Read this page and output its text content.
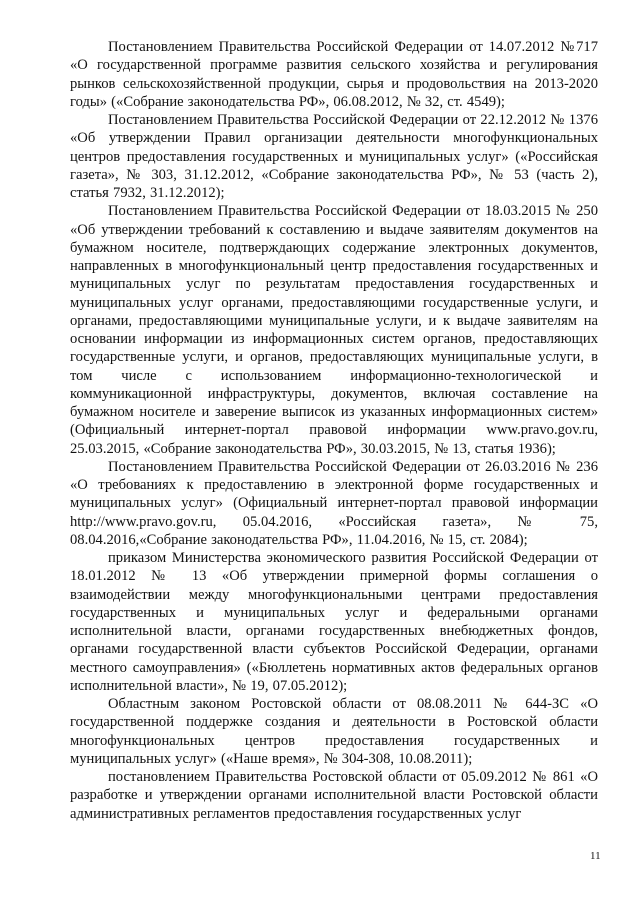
Постановлением Правительства Российской Федерации от 14.07.2012 №717 «О государственной программе развития сельского хозяйства и регулирования рынков сельскохозяйственной продукции, сырья и продовольствия на 2013-2020 годы» («Собрание законодательства РФ», 06.08.2012, № 32, ст. 4549);

Постановлением Правительства Российской Федерации от 22.12.2012 № 1376 «Об утверждении Правил организации деятельности многофункциональных центров предоставления государственных и муниципальных услуг» («Российская газета», № 303, 31.12.2012, «Собрание законодательства РФ», № 53 (часть 2), статья 7932, 31.12.2012);

Постановлением Правительства Российской Федерации от 18.03.2015 № 250 «Об утверждении требований к составлению и выдаче заявителям документов на бумажном носителе, подтверждающих содержание электронных документов, направленных в многофункциональный центр предоставления государственных и муниципальных услуг по результатам предоставления государственных и муниципальных услуг органами, предоставляющими государственные услуги, и органами, предоставляющими муниципальные услуги, и к выдаче заявителям на основании информации из информационных систем органов, предоставляющих государственные услуги, и органов, предоставляющих муниципальные услуги, в том числе с использованием информационно-технологической и коммуникационной инфраструктуры, документов, включая составление на бумажном носителе и заверение выписок из указанных информационных систем» (Официальный интернет-портал правовой информации www.pravo.gov.ru, 25.03.2015, «Собрание законодательства РФ», 30.03.2015, № 13, статья 1936);

Постановлением Правительства Российской Федерации от 26.03.2016 № 236 «О требованиях к предоставлению в электронной форме государственных и муниципальных услуг» (Официальный интернет-портал правовой информации http://www.pravo.gov.ru, 05.04.2016, «Российская газета», № 75, 08.04.2016,«Собрание законодательства РФ», 11.04.2016, № 15, ст. 2084);

приказом Министерства экономического развития Российской Федерации от 18.01.2012 № 13 «Об утверждении примерной формы соглашения о взаимодействии между многофункциональными центрами предоставления государственных и муниципальных услуг и федеральными органами исполнительной власти, органами государственных внебюджетных фондов, органами государственной власти субъектов Российской Федерации, органами местного самоуправления» («Бюллетень нормативных актов федеральных органов исполнительной власти», № 19, 07.05.2012);

Областным законом Ростовской области от 08.08.2011 № 644-ЗС «О государственной поддержке создания и деятельности в Ростовской области многофункциональных центров предоставления государственных и муниципальных услуг» («Наше время», № 304-308, 10.08.2011);

постановлением Правительства Ростовской области от 05.09.2012 № 861 «О разработке и утверждении органами исполнительной власти Ростовской области административных регламентов предоставления государственных услуг

11
